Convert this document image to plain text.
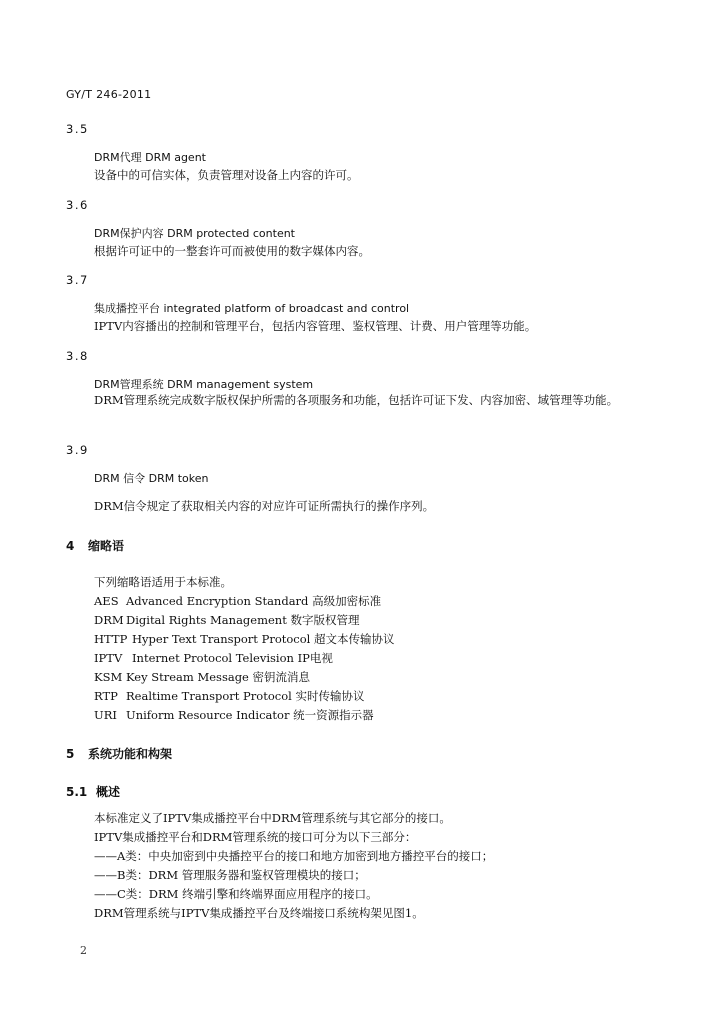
GY/T 246-2011
3.5
DRM代理 DRM agent
设备中的可信实体，负责管理对设备上内容的许可。
3.6
DRM保护内容 DRM protected content
根据许可证中的一整套许可而被使用的数字媒体内容。
3.7
集成播控平台 integrated platform of broadcast and control
IPTV内容播出的控制和管理平台，包括内容管理、鉴权管理、计费、用户管理等功能。
3.8
DRM管理系统 DRM management system
DRM管理系统完成数字版权保护所需的各项服务和功能，包括许可证下发、内容加密、域管理等功能。
3.9
DRM 信令 DRM token
DRM信令规定了获取相关内容的对应许可证所需执行的操作序列。
4 缩略语
下列缩略语适用于本标准。
AES Advanced Encryption Standard 高级加密标准
DRM Digital Rights Management 数字版权管理
HTTP Hyper Text Transport Protocol 超文本传输协议
IPTV Internet Protocol Television IP电视
KSM Key Stream Message 密钥流消息
RTP Realtime Transport Protocol 实时传输协议
URI Uniform Resource Indicator 统一资源指示器
5 系统功能和构架
5.1 概述
本标准定义了IPTV集成播控平台中DRM管理系统与其它部分的接口。
IPTV集成播控平台和DRM管理系统的接口可分为以下三部分：
——A类：中央加密到中央播控平台的接口和地方加密到地方播控平台的接口；
——B类：DRM 管理服务器和鉴权管理模块的接口；
——C类：DRM 终端引擎和终端界面应用程序的接口。
DRM管理系统与IPTV集成播控平台及终端接口系统构架见图1。
2
